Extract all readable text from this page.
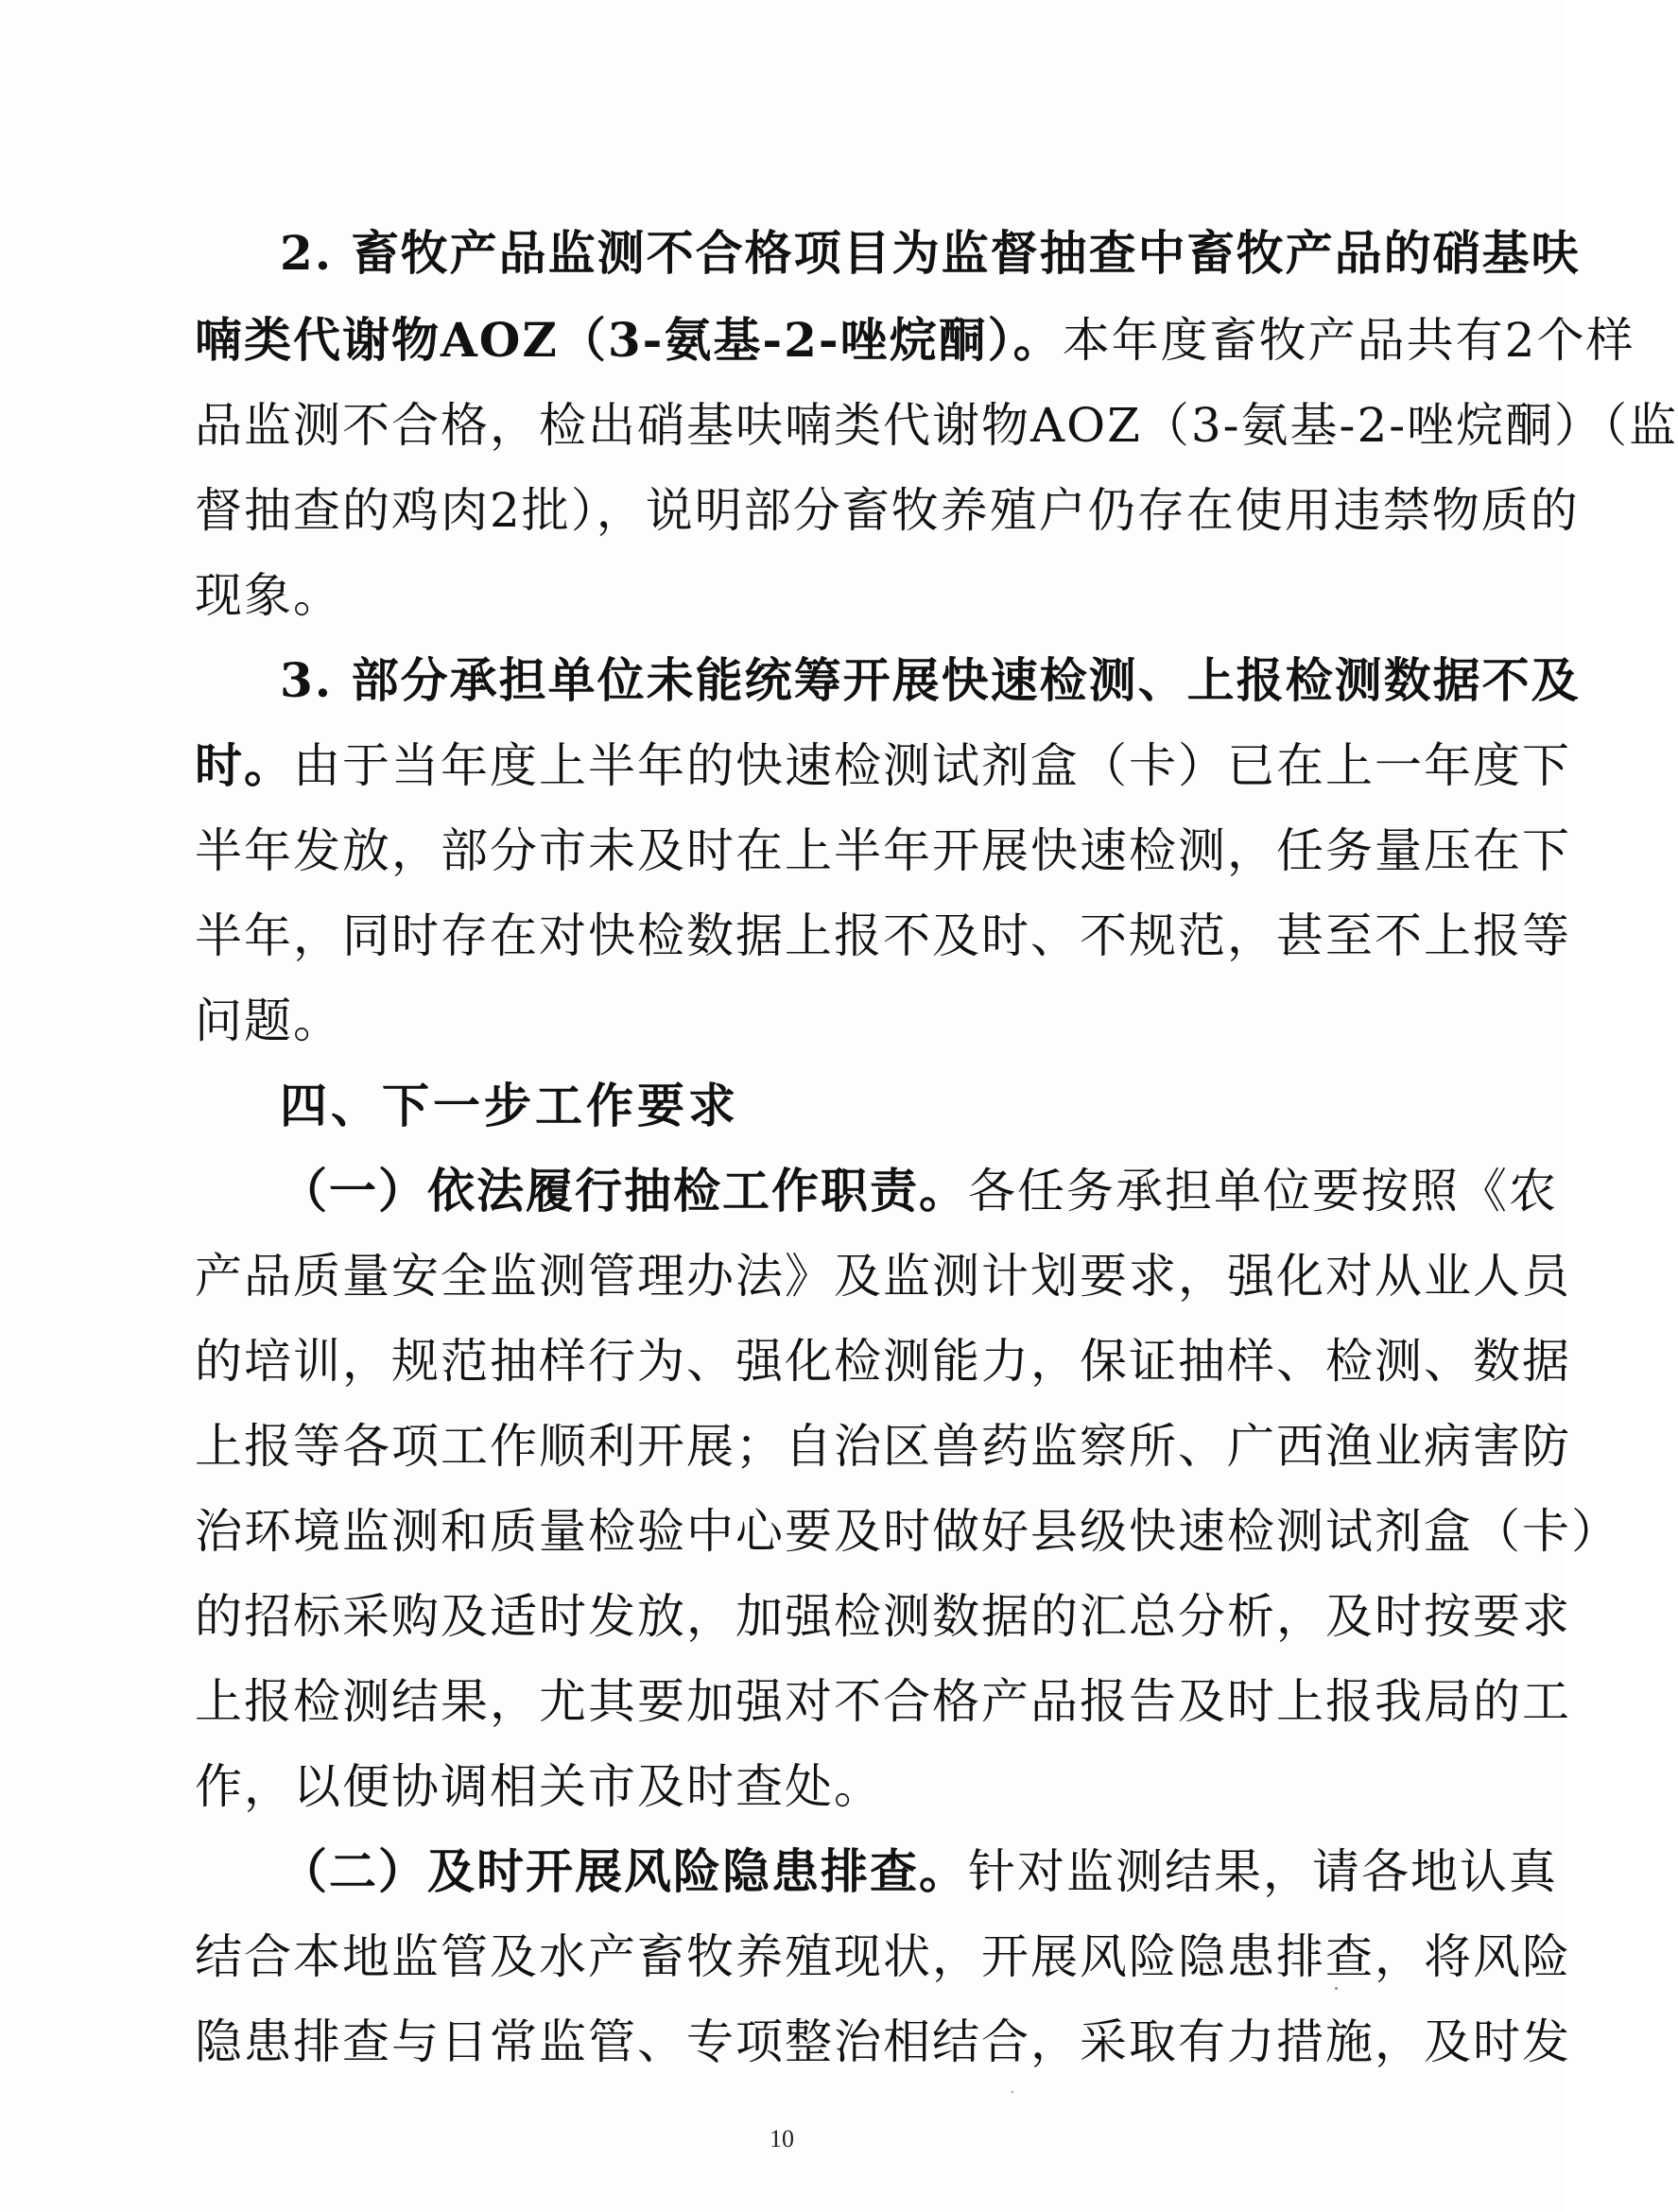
2. 畜牧产品监测不合格项目为监督抽查中畜牧产品的硝基呋
喃类代谢物AOZ（3-氨基-2-唑烷酮）。本年度畜牧产品共有2个样
品监测不合格，检出硝基呋喃类代谢物AOZ（3-氨基-2-唑烷酮）（监
督抽查的鸡肉2批），说明部分畜牧养殖户仍存在使用违禁物质的
现象。
3. 部分承担单位未能统筹开展快速检测、上报检测数据不及
时。由于当年度上半年的快速检测试剂盒（卡）已在上一年度下
半年发放，部分市未及时在上半年开展快速检测，任务量压在下
半年，同时存在对快检数据上报不及时、不规范，甚至不上报等
问题。
四、下一步工作要求
（一）依法履行抽检工作职责。各任务承担单位要按照《农
产品质量安全监测管理办法》及监测计划要求，强化对从业人员
的培训，规范抽样行为、强化检测能力，保证抽样、检测、数据
上报等各项工作顺利开展；自治区兽药监察所、广西渔业病害防
治环境监测和质量检验中心要及时做好县级快速检测试剂盒（卡）
的招标采购及适时发放，加强检测数据的汇总分析，及时按要求
上报检测结果，尤其要加强对不合格产品报告及时上报我局的工
作，以便协调相关市及时查处。
（二）及时开展风险隐患排查。针对监测结果，请各地认真
结合本地监管及水产畜牧养殖现状，开展风险隐患排查，将风险
隐患排查与日常监管、专项整治相结合，采取有力措施，及时发
10
